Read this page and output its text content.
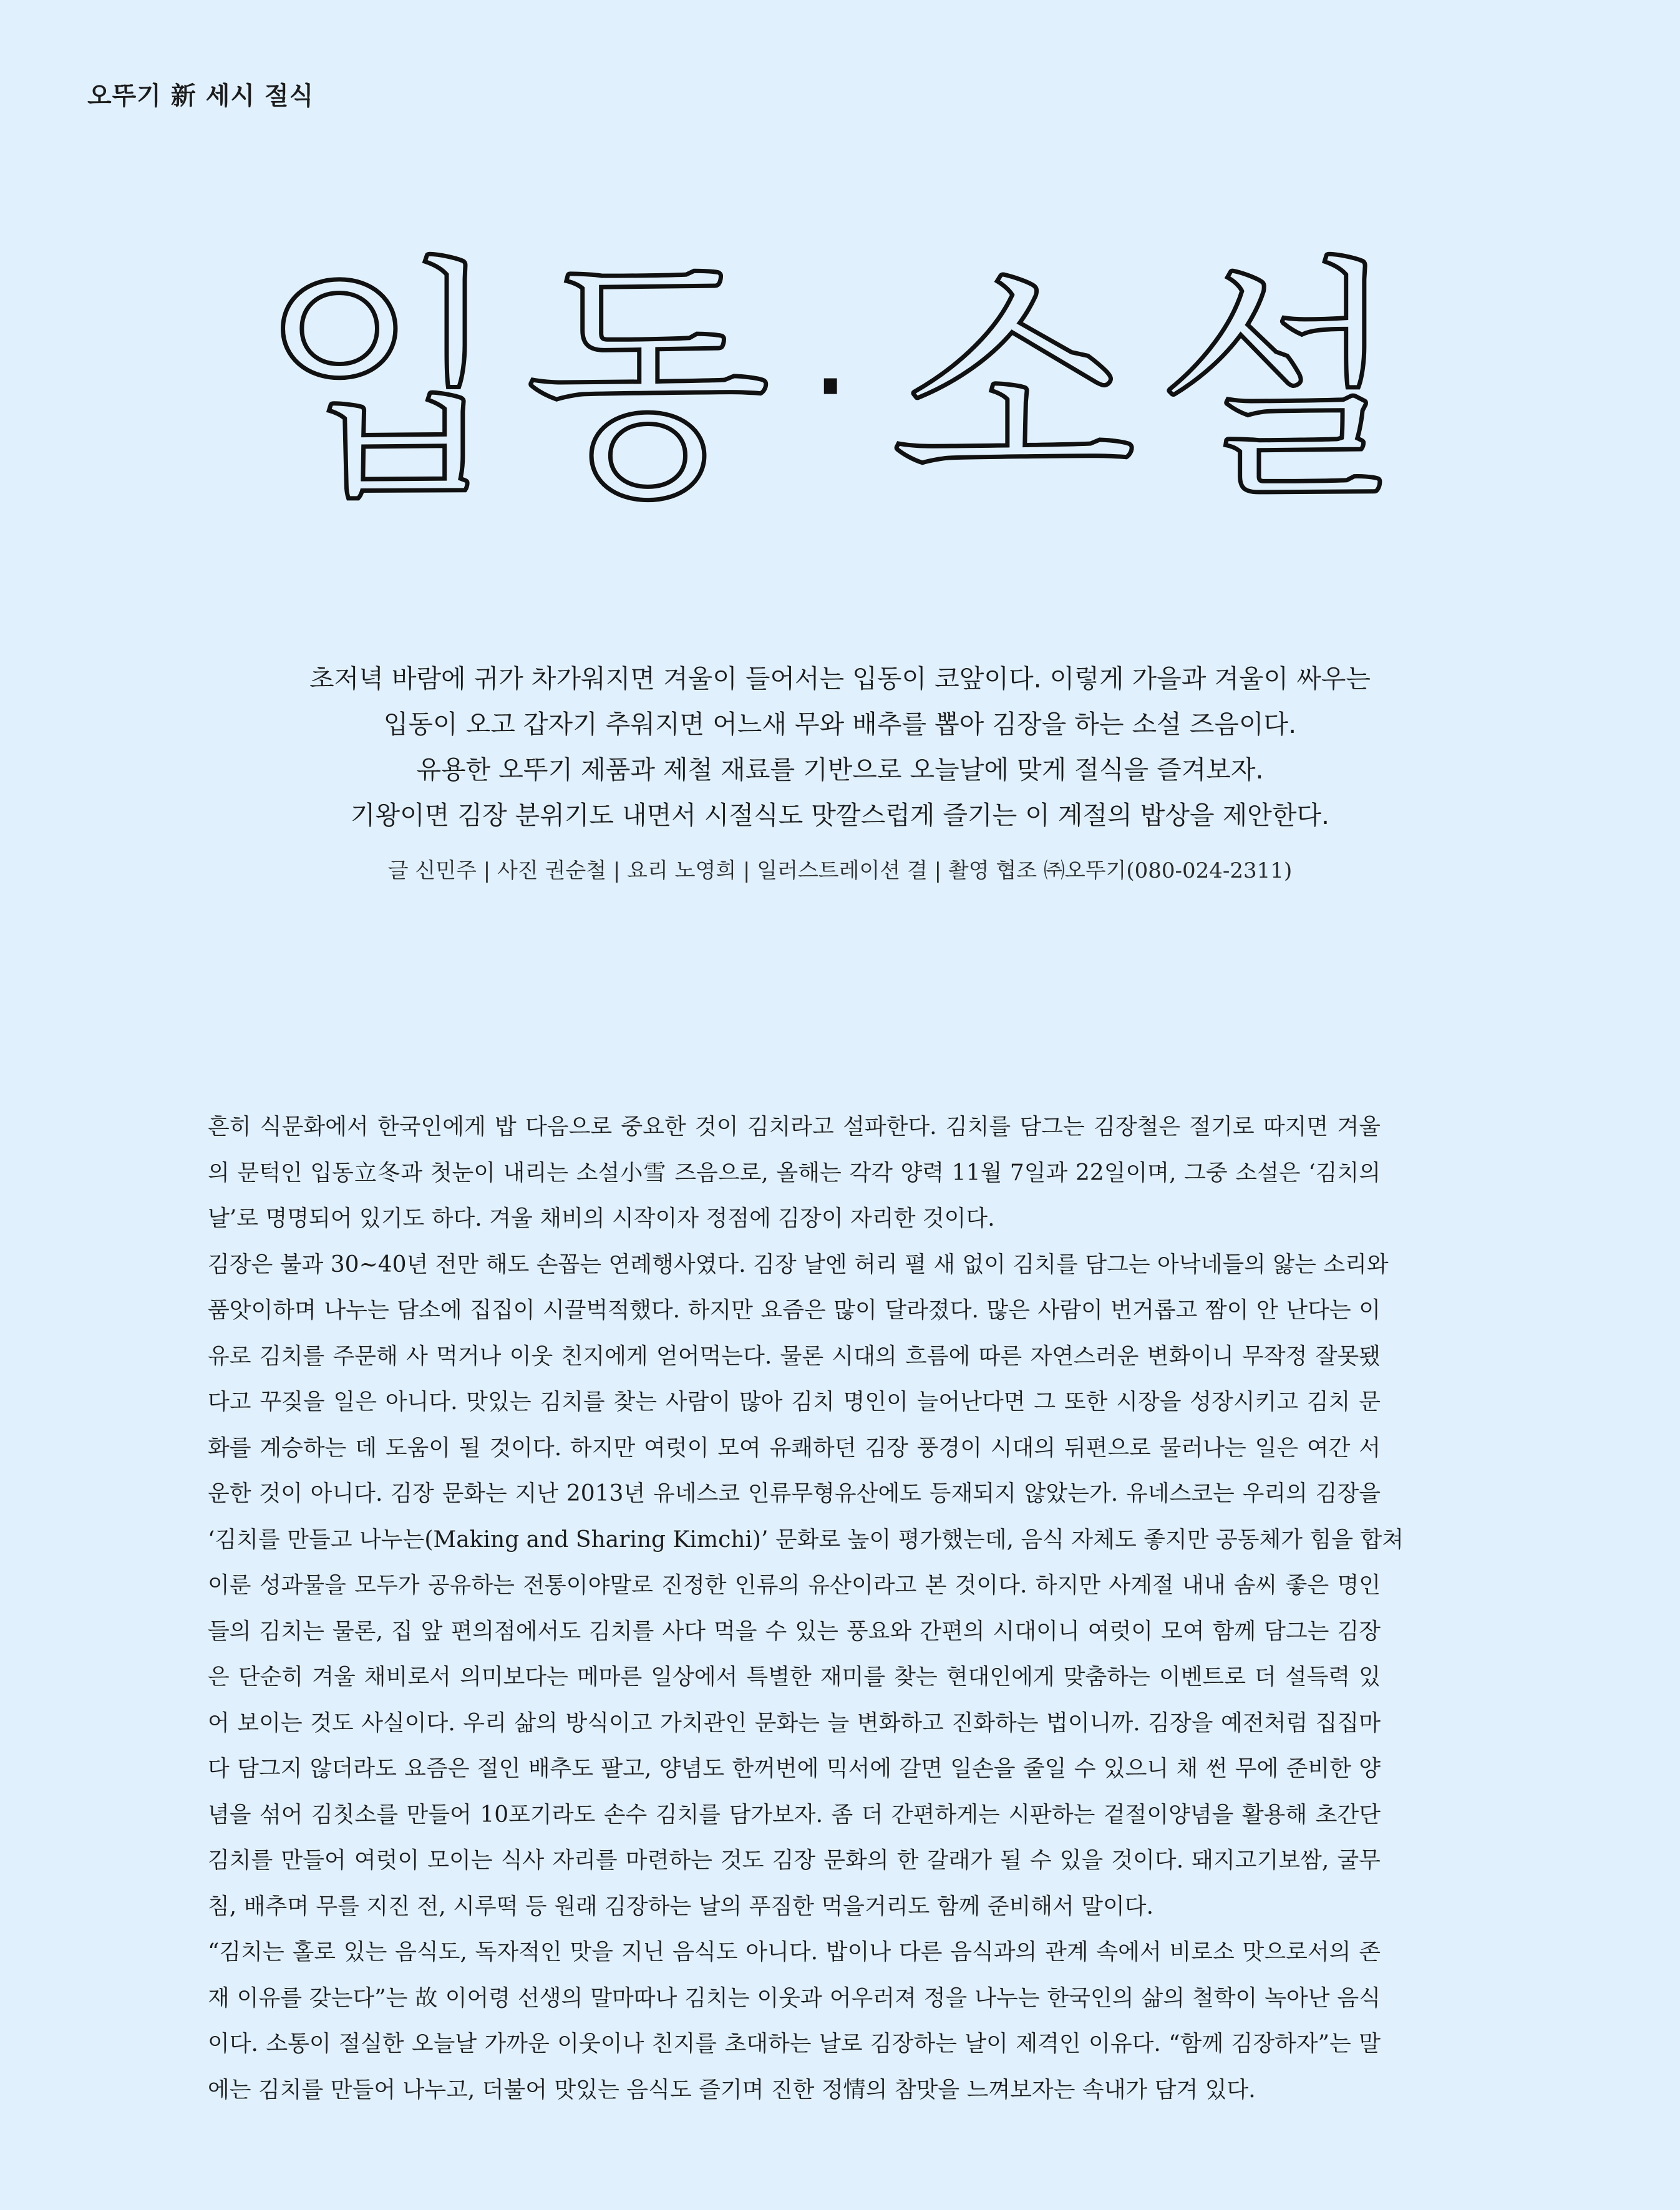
오뚜기 新 세시 절식
입동·소설

초저녁 바람에 귀가 차가워지면 겨울이 들어서는 입동이 코앞이다. 이렇게 가을과 겨울이 싸우는

입동이 오고 갑자기 추워지면 어느새 무와 배추를 뽑아 김장을 하는 소설 즈음이다.

유용한 오뚜기 제품과 제철 재료를 기반으로 오늘날에 맞게 절식을 즐겨보자.

기왕이면 김장 분위기도 내면서 시절식도 맛깔스럽게 즐기는 이 계절의 밥상을 제안한다.

글 신민주 | 사진 권순철 | 요리 노영희 | 일러스트레이션 결 | 촬영 협조 ㈜오뚜기(080-024-2311)

흔히 식문화에서 한국인에게 밥 다음으로 중요한 것이 김치라고 설파한다. 김치를 담그는 김장철은 절기로 따지면 겨울
의 문턱인 입동立冬과 첫눈이 내리는 소설小雪 즈음으로, 올해는 각각 양력 11월 7일과 22일이며, 그중 소설은 ‘김치의
날’로 명명되어 있기도 하다. 겨울 채비의 시작이자 정점에 김장이 자리한 것이다.
김장은 불과 30~40년 전만 해도 손꼽는 연례행사였다. 김장 날엔 허리 펼 새 없이 김치를 담그는 아낙네들의 앓는 소리와
품앗이하며 나누는 담소에 집집이 시끌벅적했다. 하지만 요즘은 많이 달라졌다. 많은 사람이 번거롭고 짬이 안 난다는 이
유로 김치를 주문해 사 먹거나 이웃 친지에게 얻어먹는다. 물론 시대의 흐름에 따른 자연스러운 변화이니 무작정 잘못됐
다고 꾸짖을 일은 아니다. 맛있는 김치를 찾는 사람이 많아 김치 명인이 늘어난다면 그 또한 시장을 성장시키고 김치 문
화를 계승하는 데 도움이 될 것이다. 하지만 여럿이 모여 유쾌하던 김장 풍경이 시대의 뒤편으로 물러나는 일은 여간 서
운한 것이 아니다. 김장 문화는 지난 2013년 유네스코 인류무형유산에도 등재되지 않았는가. 유네스코는 우리의 김장을
‘김치를 만들고 나누는(Making and Sharing Kimchi)’ 문화로 높이 평가했는데, 음식 자체도 좋지만 공동체가 힘을 합쳐
이룬 성과물을 모두가 공유하는 전통이야말로 진정한 인류의 유산이라고 본 것이다. 하지만 사계절 내내 솜씨 좋은 명인
들의 김치는 물론, 집 앞 편의점에서도 김치를 사다 먹을 수 있는 풍요와 간편의 시대이니 여럿이 모여 함께 담그는 김장
은 단순히 겨울 채비로서 의미보다는 메마른 일상에서 특별한 재미를 찾는 현대인에게 맞춤하는 이벤트로 더 설득력 있
어 보이는 것도 사실이다. 우리 삶의 방식이고 가치관인 문화는 늘 변화하고 진화하는 법이니까. 김장을 예전처럼 집집마
다 담그지 않더라도 요즘은 절인 배추도 팔고, 양념도 한꺼번에 믹서에 갈면 일손을 줄일 수 있으니 채 썬 무에 준비한 양
념을 섞어 김칫소를 만들어 10포기라도 손수 김치를 담가보자. 좀 더 간편하게는 시판하는 겉절이양념을 활용해 초간단
김치를 만들어 여럿이 모이는 식사 자리를 마련하는 것도 김장 문화의 한 갈래가 될 수 있을 것이다. 돼지고기보쌈, 굴무
침, 배추며 무를 지진 전, 시루떡 등 원래 김장하는 날의 푸짐한 먹을거리도 함께 준비해서 말이다.
“김치는 홀로 있는 음식도, 독자적인 맛을 지닌 음식도 아니다. 밥이나 다른 음식과의 관계 속에서 비로소 맛으로서의 존
재 이유를 갖는다”는 故 이어령 선생의 말마따나 김치는 이웃과 어우러져 정을 나누는 한국인의 삶의 철학이 녹아난 음식
이다. 소통이 절실한 오늘날 가까운 이웃이나 친지를 초대하는 날로 김장하는 날이 제격인 이유다. “함께 김장하자”는 말
에는 김치를 만들어 나누고, 더불어 맛있는 음식도 즐기며 진한 정情의 참맛을 느껴보자는 속내가 담겨 있다.
